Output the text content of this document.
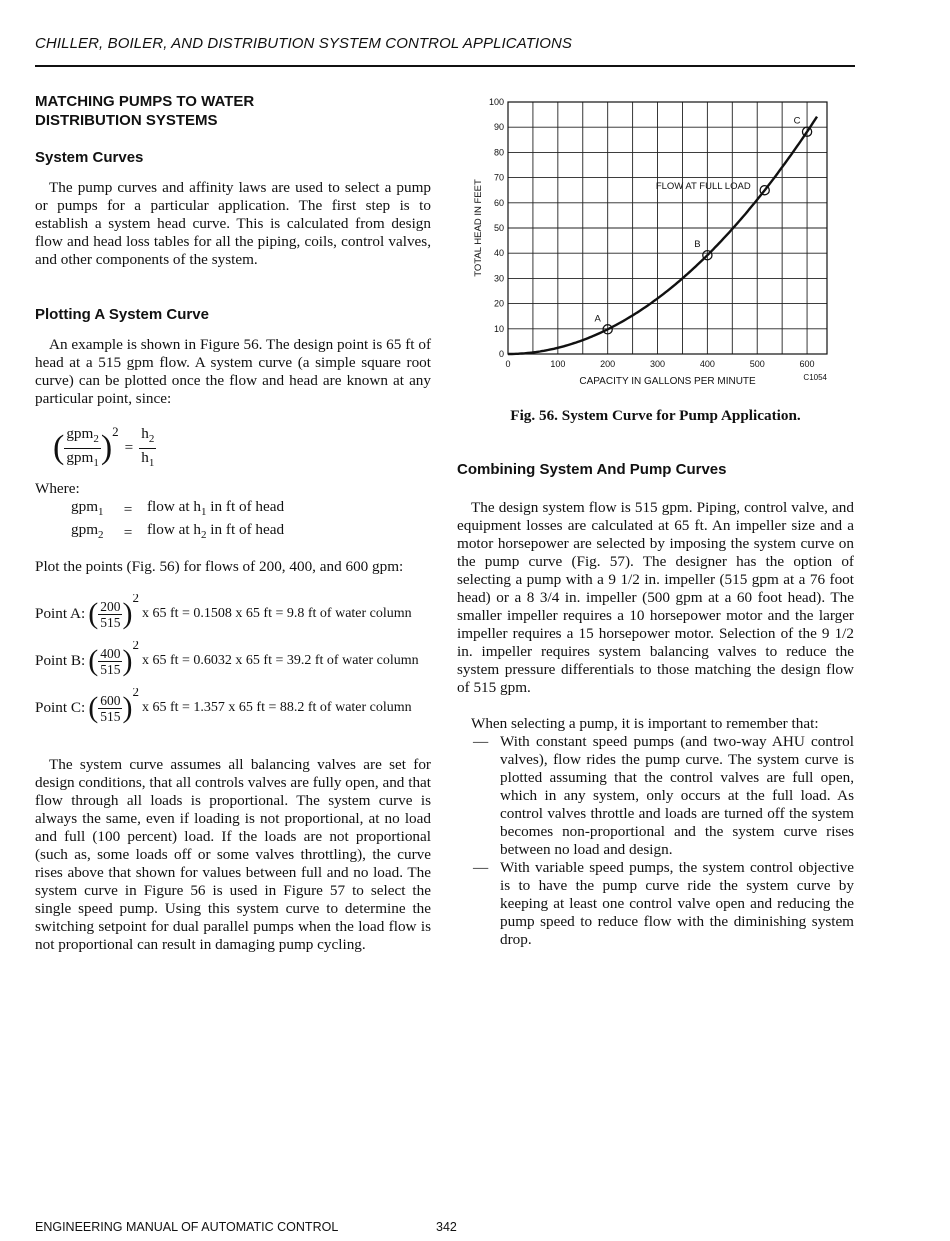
CHILLER, BOILER, AND DISTRIBUTION SYSTEM CONTROL APPLICATIONS
MATCHING PUMPS TO WATER
DISTRIBUTION SYSTEMS
System Curves

The pump curves and affinity laws are used to select a pump or pumps for a particular application. The first step is to establish a system head curve. This is calculated from design flow and head loss tables for all the piping, coils, control valves, and other components of the system.

Plotting A System Curve

An example is shown in Figure 56. The design point is 65 ft of head at a 515 gpm flow. A system curve (a simple square root curve) can be plotted once the flow and head are known at any particular point, since:

( $\frac{gpm_2}{gpm_1}$ ) 2
= $\frac{h_2}{h_1}$

Where:

gpm$_1$	=	flow at $h_1$ in ft of head
gpm$_2$	=	flow at $h_2$ in ft of head

Plot the points (Fig. 56) for flows of 200, 400, and 600 gpm:

Point A: ( $\frac{200}{515}$ ) 2
x 65 ft = 0.1508 x 65 ft = 9.8 ft of water column
Point B: ( $\frac{400}{515}$ ) 2
x 65 ft = 0.6032 x 65 ft = 39.2 ft of water column
Point C: ( $\frac{600}{515}$ ) 2
x 65 ft = 1.357 x 65 ft = 88.2 ft of water column

The system curve assumes all balancing valves are set for design conditions, that all controls valves are fully open, and that flow through all loads is proportional. The system curve is always the same, even if loading is not proportional, at no load and full (100 percent) load. If the loads are not proportional (such as, some loads off or some valves throttling), the curve rises above that shown for values between full and no load. The system curve in Figure 56 is used in Figure 57 to select the single speed pump. Using this system curve to determine the switching setpoint for dual parallel pumps when the load flow is not proportional can result in damaging pump cycling.

0	100	200	300	400	500	600
0
10
20
30
40
50
60
70
80
90
100
A
B
C
FLOW AT FULL LOAD
TOTAL HEAD IN FEET
CAPACITY IN GALLONS PER MINUTE	C1054
Fig. 56. System Curve for Pump Application.
Combining System And Pump Curves

The design system flow is 515 gpm. Piping, control valve, and equipment losses are calculated at 65 ft. An impeller size and a motor horsepower are selected by imposing the system curve on the pump curve (Fig. 57). The designer has the option of selecting a pump with a 9 1/2 in. impeller (515 gpm at a 76 foot head) or a 8 3/4 in. impeller (500 gpm at a 60 foot head). The smaller impeller requires a 10 horsepower motor and the larger impeller requires a 15 horsepower motor. Selection of the 9 1/2 in. impeller requires system balancing valves to reduce the system pressure differentials to those matching the design flow of 515 gpm.

When selecting a pump, it is important to remember that:

— With constant speed pumps (and two-way AHU control valves), flow rides the pump curve. The system curve is plotted assuming that the control valves are full open, which in any system, only occurs at the full load. As control valves throttle and loads are turned off the system becomes non-proportional and the system curve rises between no load and design.
— With variable speed pumps, the system control objective is to have the pump curve ride the system curve by keeping at least one control valve open and reducing the pump speed to reduce flow with the diminishing system drop.
ENGINEERING MANUAL OF AUTOMATIC CONTROL	342
